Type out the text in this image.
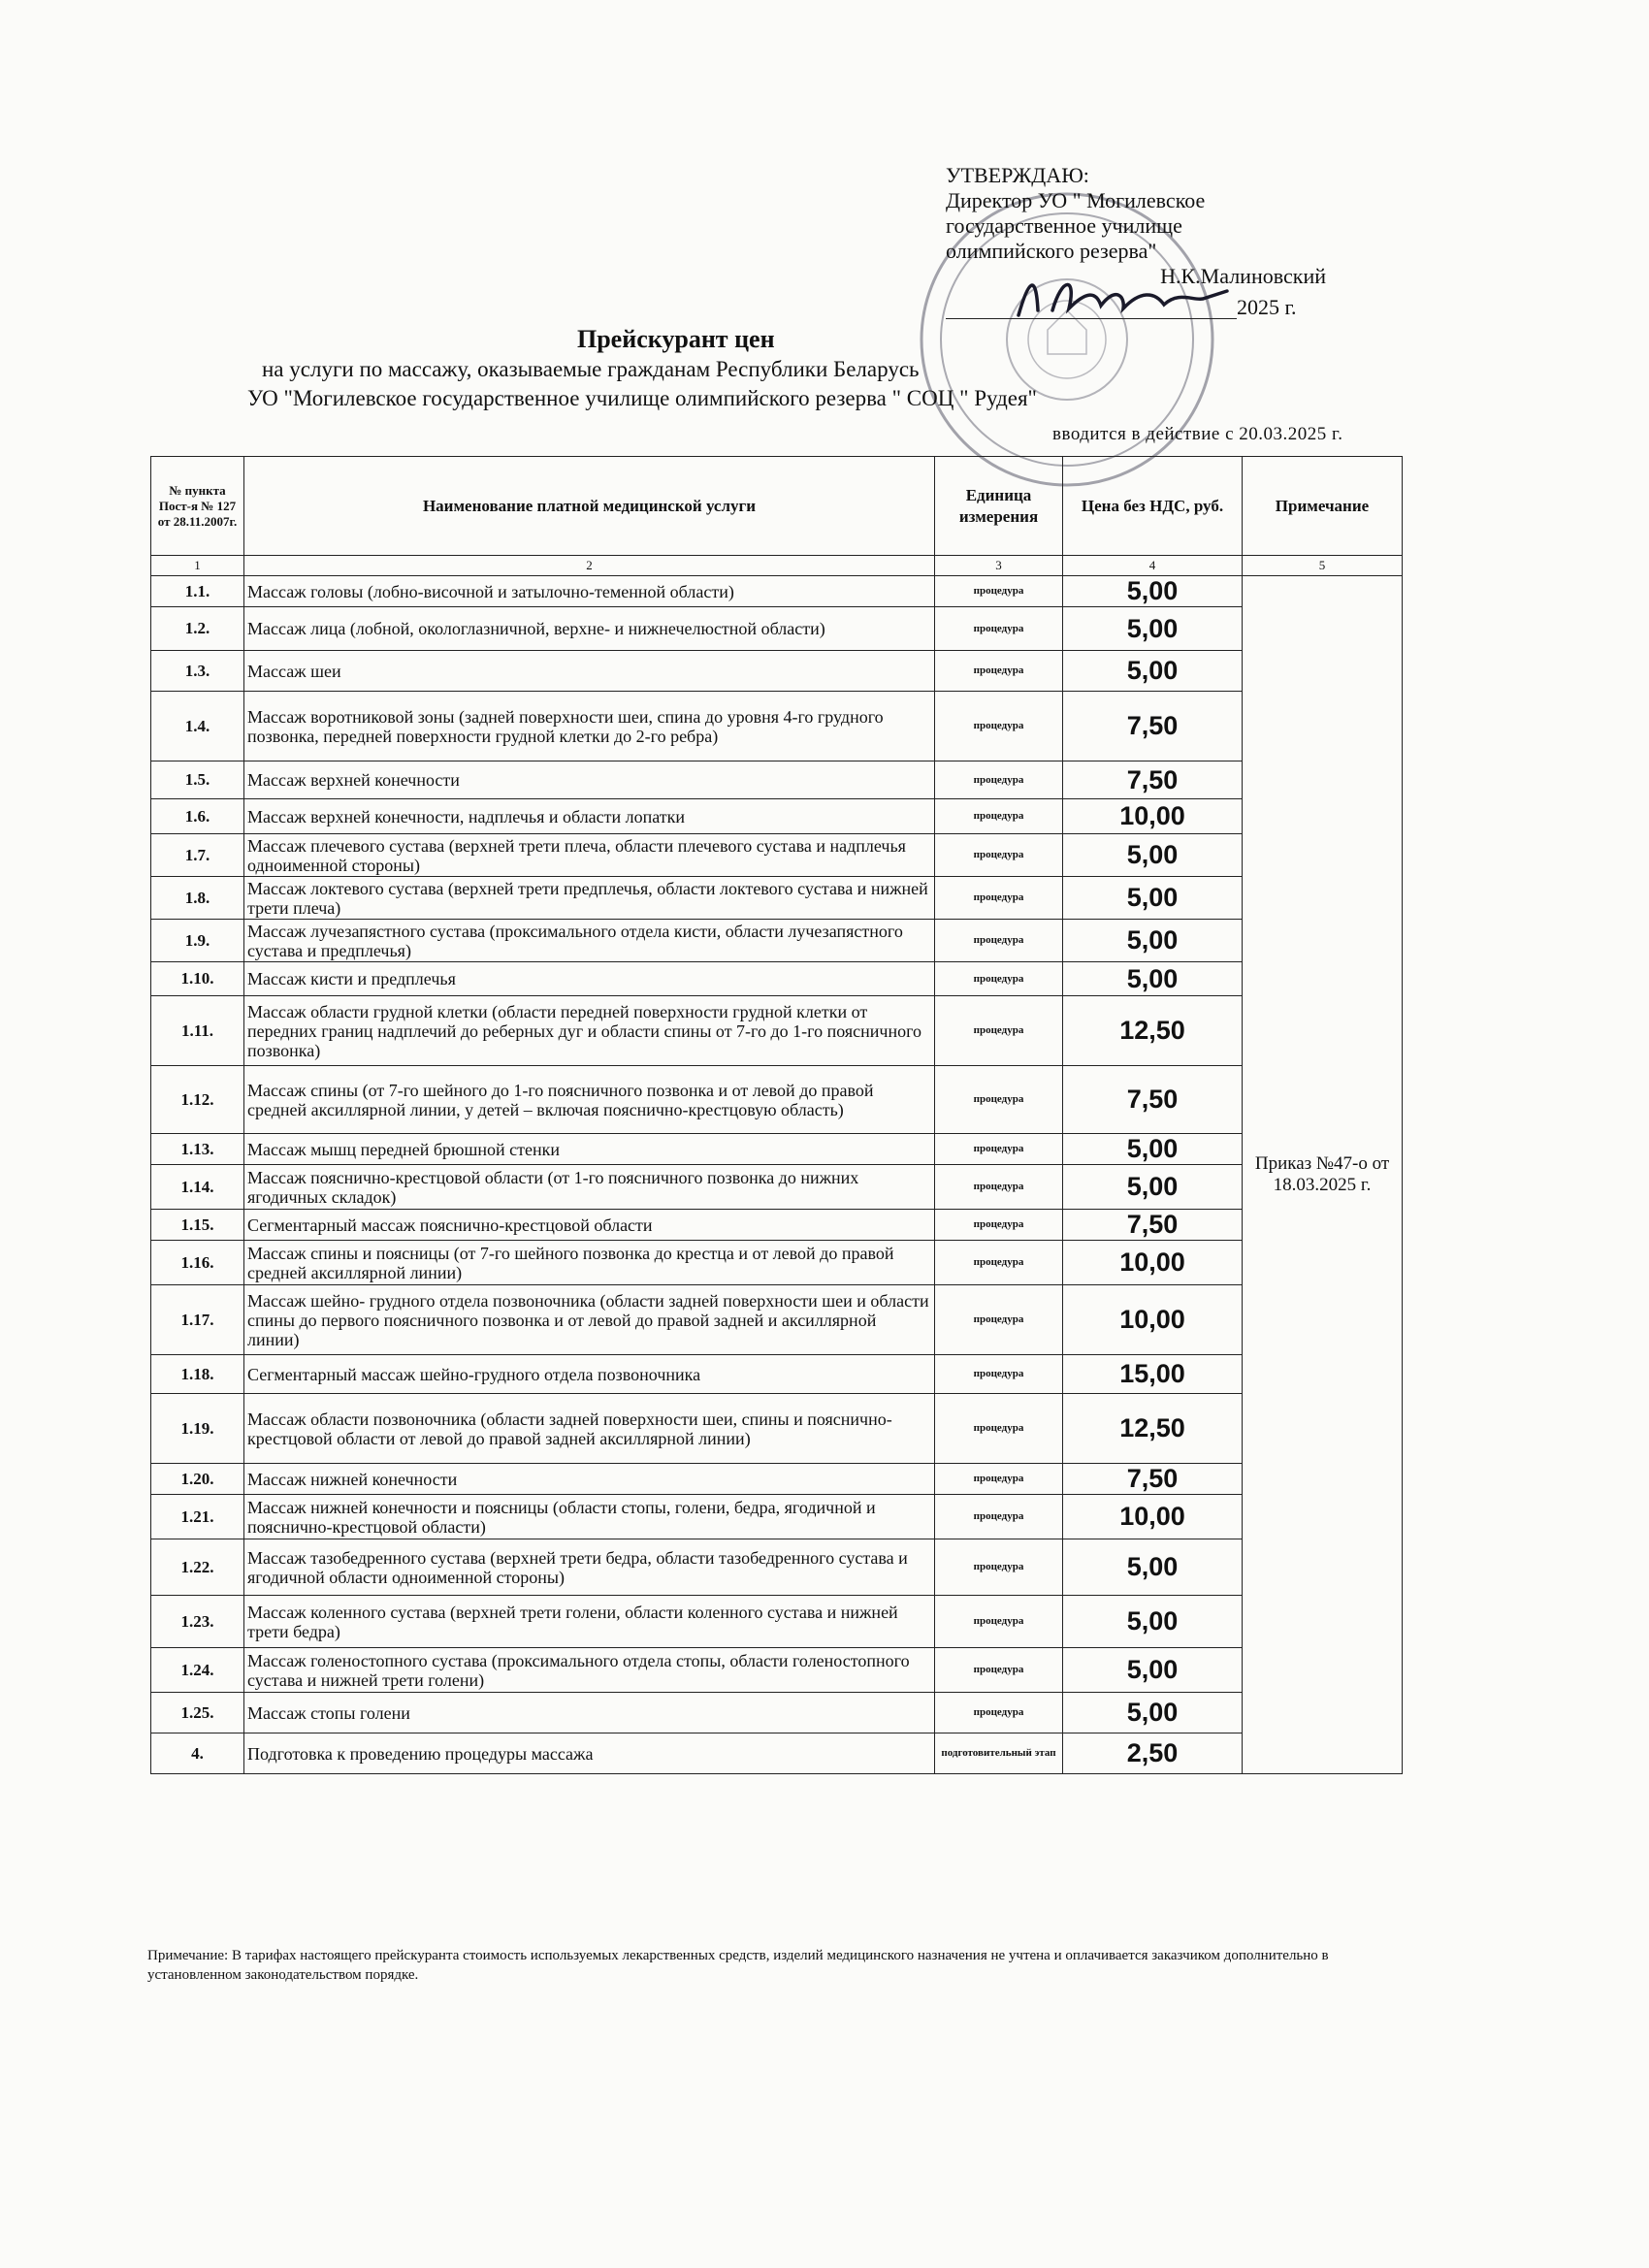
УТВЕРЖДАЮ:
Директор УО " Могилевское
государственное училище
олимпийского резерва"
Н.К.Малиновский
2025 г.
Прейскурант цен
на услуги по массажу, оказываемые гражданам Республики Беларусь
УО "Могилевское государственное училище олимпийского резерва " СОЦ " Рудея"
вводится в действие с 20.03.2025 г.
№ пункта Пост-я № 127 от 28.11.2007г.	Наименование платной медицинской услуги	Единица измерения	Цена без НДС, руб.	Примечание
1	2	3	4	5
1.1.	Массаж головы (лобно-височной и затылочно-теменной области)	процедура	5,00	Приказ №47-о от 18.03.2025 г.
1.2.	Массаж лица (лобной, окологлазничной, верхне- и нижнечелюстной области)	процедура	5,00	
1.3.	Массаж шеи	процедура	5,00	
1.4.	Массаж воротниковой зоны (задней поверхности шеи, спина до уровня 4-го грудного позвонка, передней поверхности грудной клетки до 2-го ребра)	процедура	7,50	
1.5.	Массаж верхней конечности	процедура	7,50	
1.6.	Массаж верхней конечности, надплечья и области лопатки	процедура	10,00	
1.7.	Массаж плечевого сустава (верхней трети плеча, области плечевого сустава и надплечья одноименной стороны)	процедура	5,00	
1.8.	Массаж локтевого сустава (верхней трети предплечья, области локтевого сустава и нижней трети плеча)	процедура	5,00	
1.9.	Массаж лучезапястного сустава (проксимального отдела кисти, области лучезапястного сустава и предплечья)	процедура	5,00	
1.10.	Массаж кисти и предплечья	процедура	5,00	
1.11.	Массаж области грудной клетки (области передней поверхности грудной клетки от передних границ надплечий до реберных дуг и области спины от 7-го до 1-го поясничного позвонка)	процедура	12,50	
1.12.	Массаж спины (от 7-го шейного до 1-го поясничного позвонка и от левой до правой средней аксиллярной линии, у детей – включая пояснично-крестцовую область)	процедура	7,50	
1.13.	Массаж мышц передней брюшной стенки	процедура	5,00	
1.14.	Массаж пояснично-крестцовой области (от 1-го поясничного позвонка до нижних ягодичных складок)	процедура	5,00	
1.15.	Сегментарный массаж пояснично-крестцовой области	процедура	7,50	
1.16.	Массаж спины и поясницы (от 7-го шейного позвонка до крестца и от левой до правой средней аксиллярной линии)	процедура	10,00	
1.17.	Массаж шейно- грудного отдела позвоночника (области задней поверхности шеи и области спины до первого поясничного позвонка и от левой до правой задней и аксиллярной линии)	процедура	10,00	
1.18.	Сегментарный массаж шейно-грудного отдела позвоночника	процедура	15,00	
1.19.	Массаж области позвоночника (области задней поверхности шеи, спины и пояснично-крестцовой области от левой до правой задней аксиллярной линии)	процедура	12,50	
1.20.	Массаж нижней конечности	процедура	7,50	
1.21.	Массаж нижней конечности и поясницы (области стопы, голени, бедра, ягодичной и пояснично-крестцовой области)	процедура	10,00	
1.22.	Массаж тазобедренного сустава (верхней трети бедра, области тазобедренного сустава и ягодичной области одноименной стороны)	процедура	5,00	
1.23.	Массаж коленного сустава (верхней трети голени, области коленного сустава и нижней трети бедра)	процедура	5,00	
1.24.	Массаж голеностопного сустава (проксимального отдела стопы, области голеностопного сустава и нижней трети голени)	процедура	5,00	
1.25.	Массаж стопы голени	процедура	5,00	
4.	Подготовка к проведению процедуры массажа	подготовительный этап	2,50	
Примечание: В тарифах настоящего прейскуранта стоимость используемых лекарственных средств, изделий медицинского назначения не учтена и оплачивается заказчиком дополнительно в установленном законодательством порядке.
